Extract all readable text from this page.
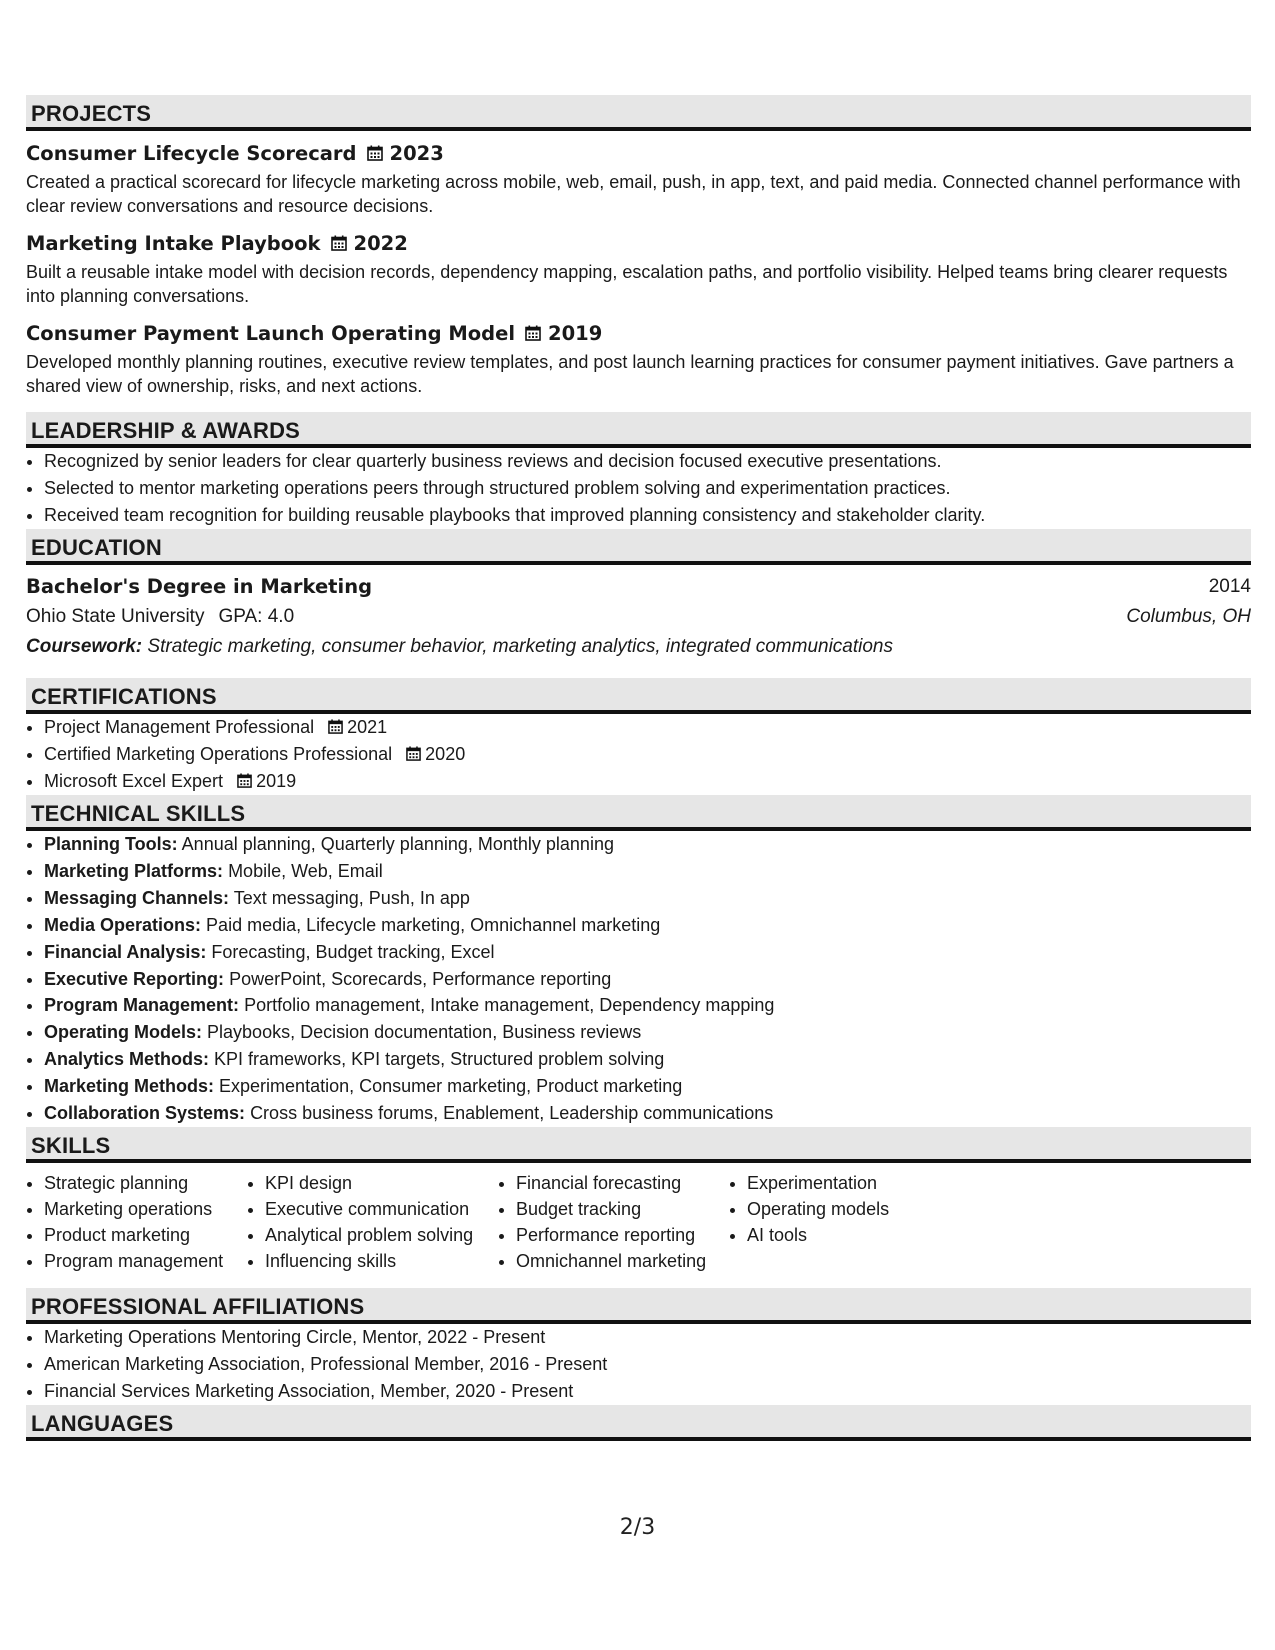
PROJECTS
Consumer Lifecycle Scorecard 2023
Created a practical scorecard for lifecycle marketing across mobile, web, email, push, in app, text, and paid media. Connected channel performance with clear review conversations and resource decisions.
Marketing Intake Playbook 2022
Built a reusable intake model with decision records, dependency mapping, escalation paths, and portfolio visibility. Helped teams bring clearer requests into planning conversations.
Consumer Payment Launch Operating Model 2019
Developed monthly planning routines, executive review templates, and post launch learning practices for consumer payment initiatives. Gave partners a shared view of ownership, risks, and next actions.
LEADERSHIP & AWARDS
• Recognized by senior leaders for clear quarterly business reviews and decision focused executive presentations.
• Selected to mentor marketing operations peers through structured problem solving and experimentation practices.
• Received team recognition for building reusable playbooks that improved planning consistency and stakeholder clarity.
EDUCATION
Bachelor's Degree in Marketing	2014
Ohio State University GPA: 4.0	Columbus, OH
Coursework: Strategic marketing, consumer behavior, marketing analytics, integrated communications
CERTIFICATIONS
• Project Management Professional 2021
• Certified Marketing Operations Professional 2020
• Microsoft Excel Expert 2019
TECHNICAL SKILLS
• Planning Tools: Annual planning, Quarterly planning, Monthly planning
• Marketing Platforms: Mobile, Web, Email
• Messaging Channels: Text messaging, Push, In app
• Media Operations: Paid media, Lifecycle marketing, Omnichannel marketing
• Financial Analysis: Forecasting, Budget tracking, Excel
• Executive Reporting: PowerPoint, Scorecards, Performance reporting
• Program Management: Portfolio management, Intake management, Dependency mapping
• Operating Models: Playbooks, Decision documentation, Business reviews
• Analytics Methods: KPI frameworks, KPI targets, Structured problem solving
• Marketing Methods: Experimentation, Consumer marketing, Product marketing
• Collaboration Systems: Cross business forums, Enablement, Leadership communications
SKILLS
• Strategic planning
• Marketing operations
• Product marketing
• Program management
• KPI design
• Executive communication
• Analytical problem solving
• Influencing skills
• Financial forecasting
• Budget tracking
• Performance reporting
• Omnichannel marketing
• Experimentation
• Operating models
• AI tools
PROFESSIONAL AFFILIATIONS
• Marketing Operations Mentoring Circle, Mentor, 2022 - Present
• American Marketing Association, Professional Member, 2016 - Present
• Financial Services Marketing Association, Member, 2020 - Present
LANGUAGES
2/3
